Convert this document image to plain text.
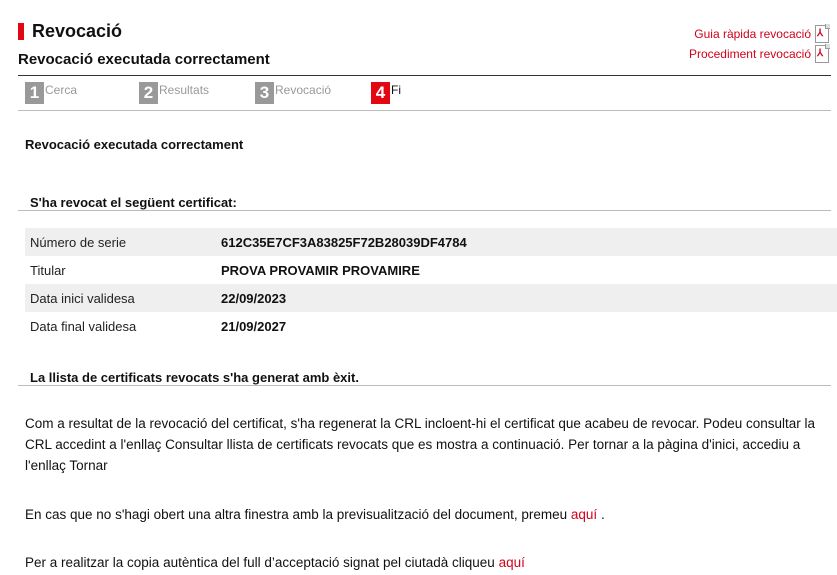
Revocació
Revocació executada correctament
Guia ràpida revocació ⅄
Procediment revocació ⅄
1 Cerca	2 Resultats	3 Revocació	4 Fi
Revocació executada correctament
S'ha revocat el següent certificat:
Número de serie	612C35E7CF3A83825F72B28039DF4784
Titular	PROVA PROVAMIR PROVAMIRE
Data inici validesa	22/09/2023
Data final validesa	21/09/2027
La llista de certificats revocats s'ha generat amb èxit.
Com a resultat de la revocació del certificat, s'ha regenerat la CRL incloent-hi el certificat que acabeu de revocar. Podeu consultar la CRL accedint a l'enllaç Consultar llista de certificats revocats que es mostra a continuació. Per tornar a la pàgina d'inici, accediu a l'enllaç Tornar
En cas que no s'hagi obert una altra finestra amb la previsualització del document, premeu aquí .
Per a realitzar la copia autèntica del full d’acceptació signat pel ciutadà cliqueu aquí
